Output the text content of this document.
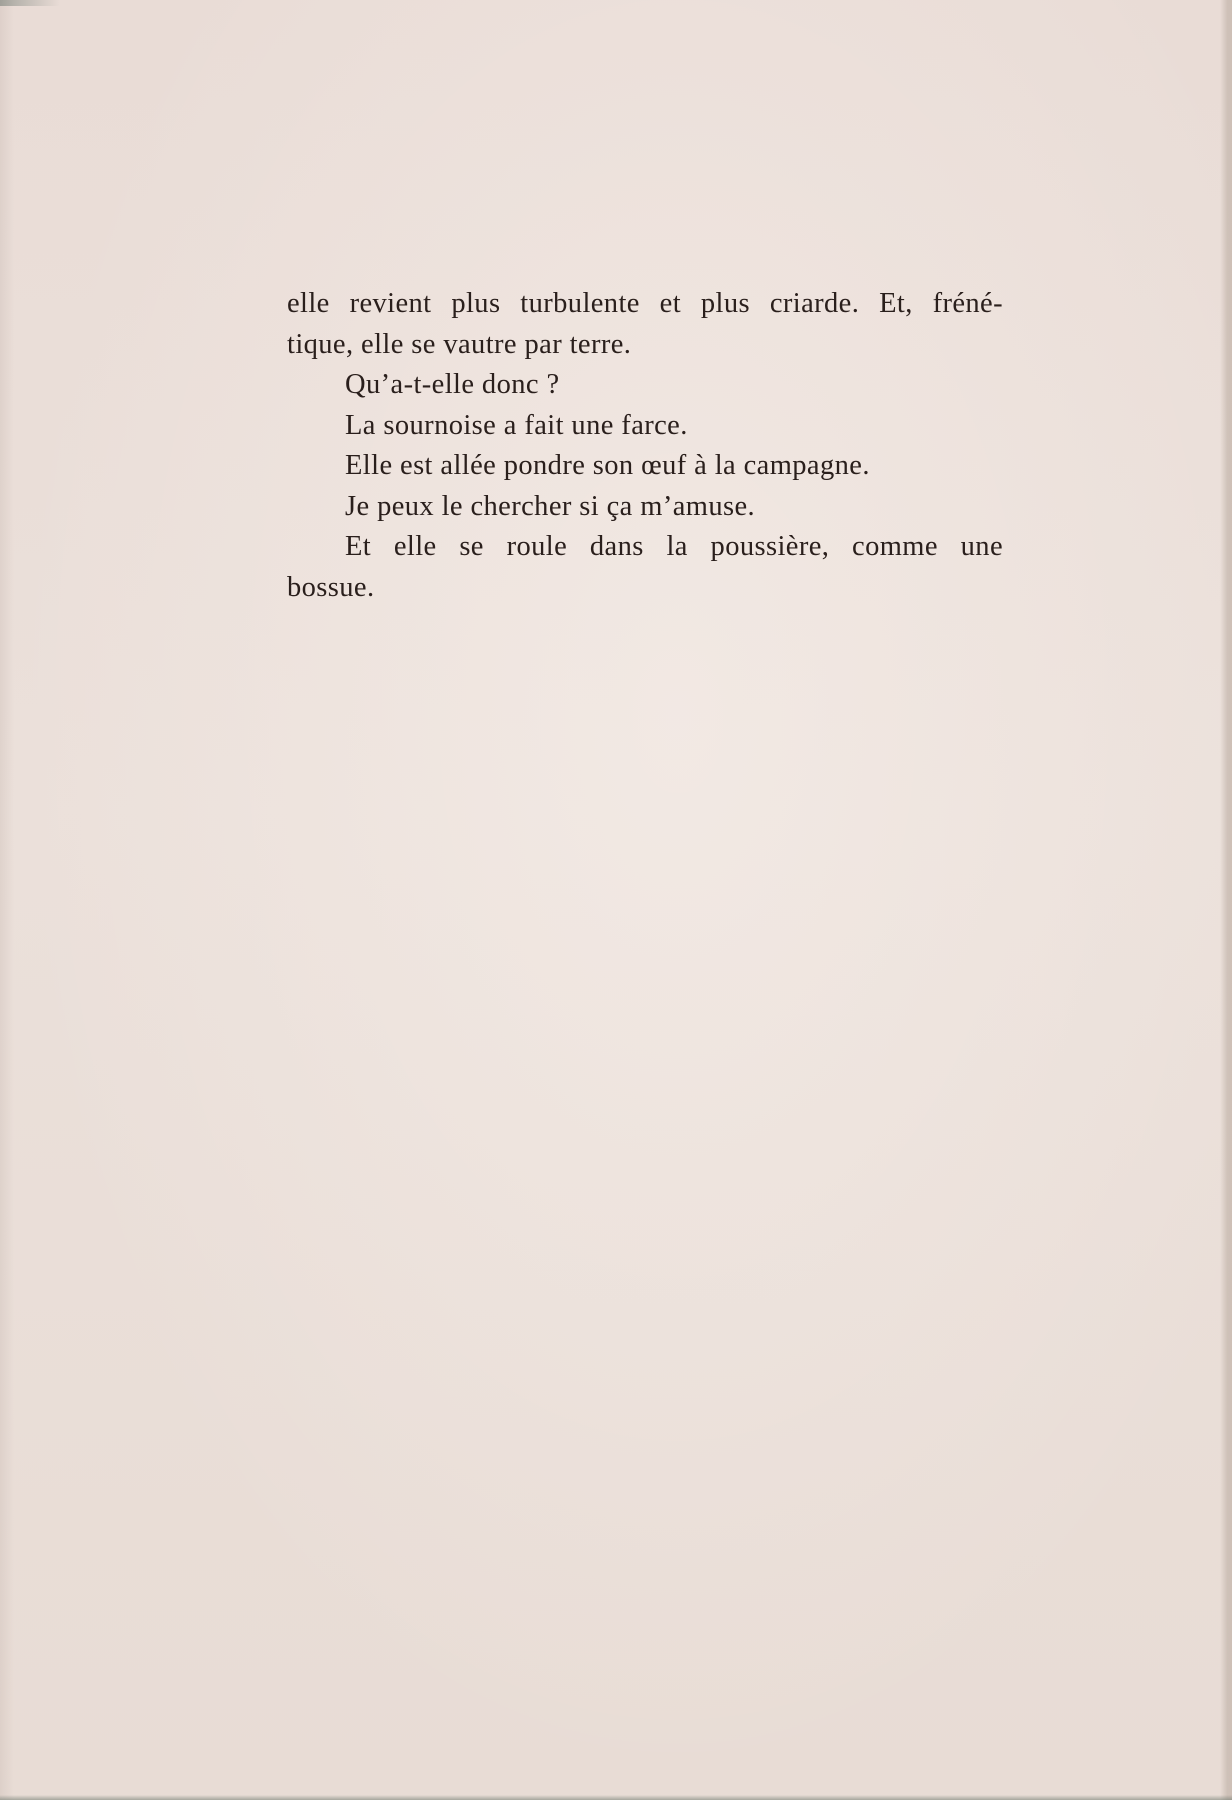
elle revient plus turbulente et plus criarde. Et, fréné-
tique, elle se vautre par terre.
Qu’a-t-elle donc ?
La sournoise a fait une farce.
Elle est allée pondre son œuf à la campagne.
Je peux le chercher si ça m’amuse.
Et elle se roule dans la poussière, comme une
bossue.
